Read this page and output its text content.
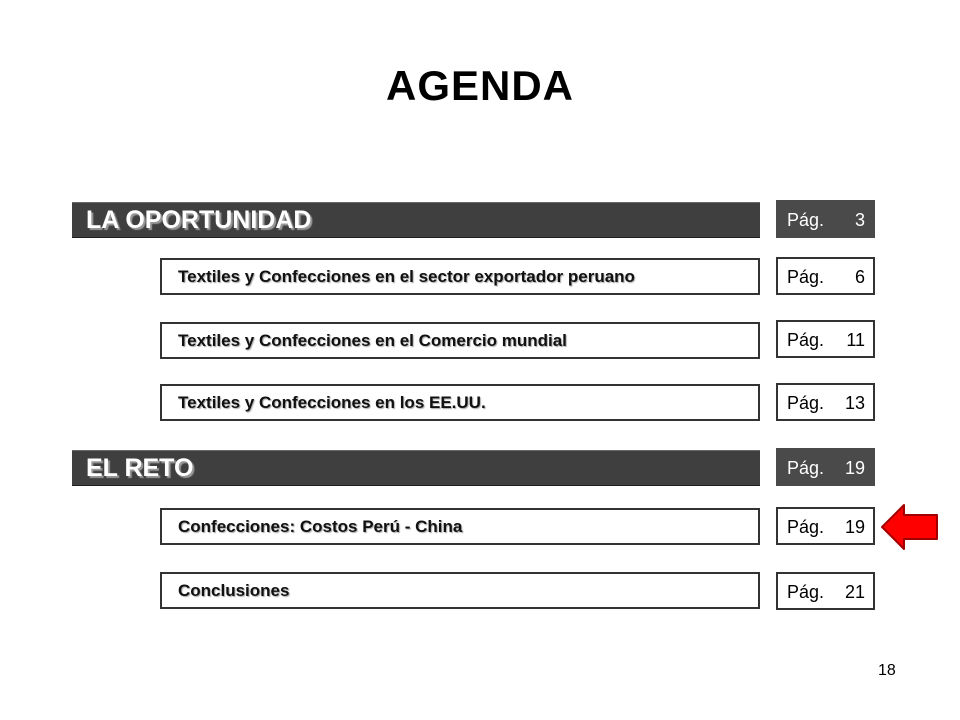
AGENDA
LA OPORTUNIDAD	Pág. 3
Textiles y Confecciones en el sector exportador peruano	Pág. 6
Textiles y Confecciones en el Comercio mundial	Pág. 11
Textiles y Confecciones en los EE.UU.	Pág. 13
EL RETO	Pág. 19
Confecciones: Costos Perú - China	Pág. 19
Conclusiones	Pág. 21
18
